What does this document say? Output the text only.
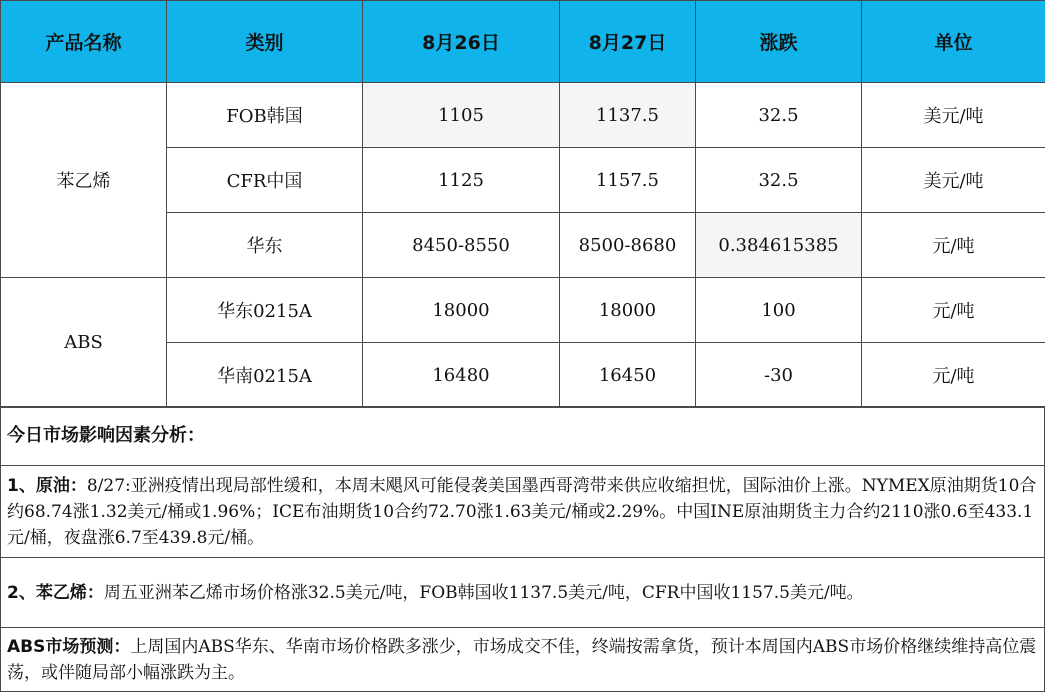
产品名称	类别	8月26日	8月27日	涨跌	单位
苯乙烯	FOB韩国	1105	1137.5	32.5	美元/吨
	CFR中国	1125	1157.5	32.5	美元/吨
	华东	8450-8550	8500-8680	0.384615385	元/吨
ABS	华东0215A	18000	18000	100	元/吨
	华南0215A	16480	16450	-30	元/吨
今日市场影响因素分析：
1、原油：8/27:亚洲疫情出现局部性缓和，本周末飓风可能侵袭美国墨西哥湾带来供应收缩担忧，国际油价上涨。NYMEX原油期货10合约68.74涨1.32美元/桶或1.96%；ICE布油期货10合约72.70涨1.63美元/桶或2.29%。中国INE原油期货主力合约2110涨0.6至433.1元/桶，夜盘涨6.7至439.8元/桶。
2、苯乙烯：周五亚洲苯乙烯市场价格涨32.5美元/吨，FOB韩国收1137.5美元/吨，CFR中国收1157.5美元/吨。
ABS市场预测：上周国内ABS华东、华南市场价格跌多涨少，市场成交不佳，终端按需拿货，预计本周国内ABS市场价格继续维持高位震荡，或伴随局部小幅涨跌为主。
